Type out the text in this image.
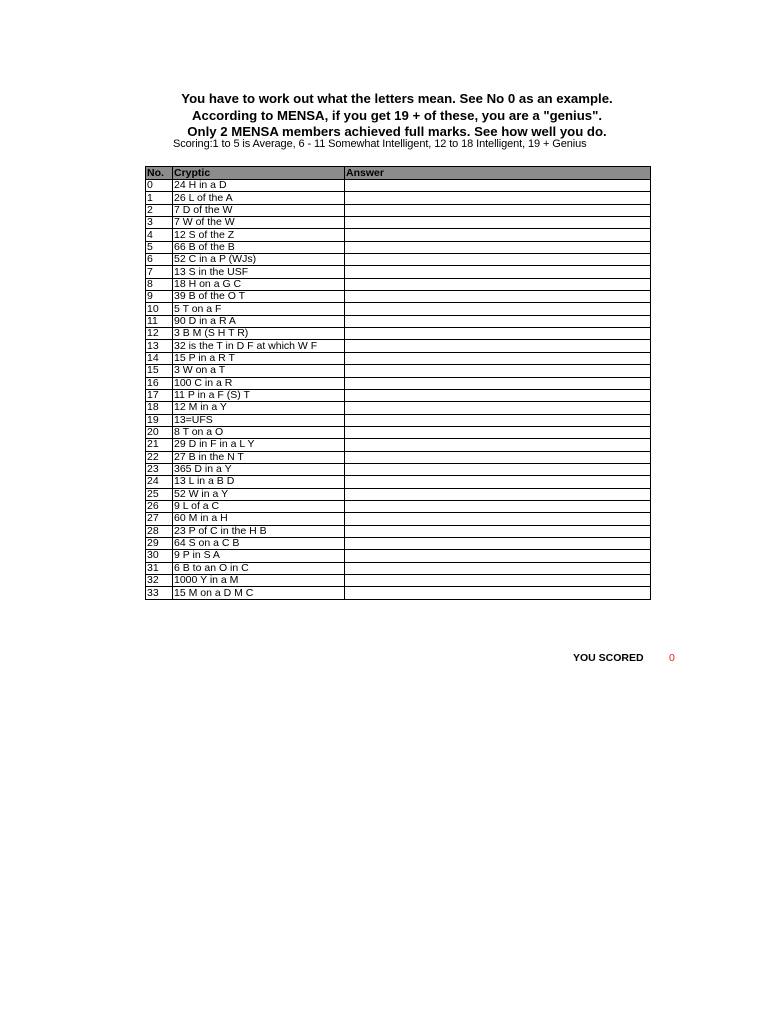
You have to work out what the letters mean. See No 0 as an example.
According to MENSA, if you get 19 + of these, you are a "genius".
Only 2 MENSA members achieved full marks. See how well you do.
Scoring:1 to 5 is Average, 6 - 11 Somewhat Intelligent, 12 to 18 Intelligent, 19 + Genius
No.	Cryptic	Answer
0	24 H in a D	
1	26 L of the A	
2	7 D of the W	
3	7 W of the W	
4	12 S of the Z	
5	66 B of the B	
6	52 C in a P (WJs)	
7	13 S in the USF	
8	18 H on a G C	
9	39 B of the O T	
10	5 T on a F	
11	90 D in a R A	
12	3 B M (S H T R)	
13	32 is the T in D F at which W F	
14	15 P in a R T	
15	3 W on a T	
16	100 C in a R	
17	11 P in a F (S) T	
18	12 M in a Y	
19	13=UFS	
20	8 T on a O	
21	29 D in F in a L Y	
22	27 B in the N T	
23	365 D in a Y	
24	13 L in a B D	
25	52 W in a Y	
26	9 L of a C	
27	60 M in a H	
28	23 P of C in the H B	
29	64 S on a C B	
30	9 P in S A	
31	6 B to an O in C	
32	1000 Y in a M	
33	15 M on a D M C	
YOU SCORED 0
